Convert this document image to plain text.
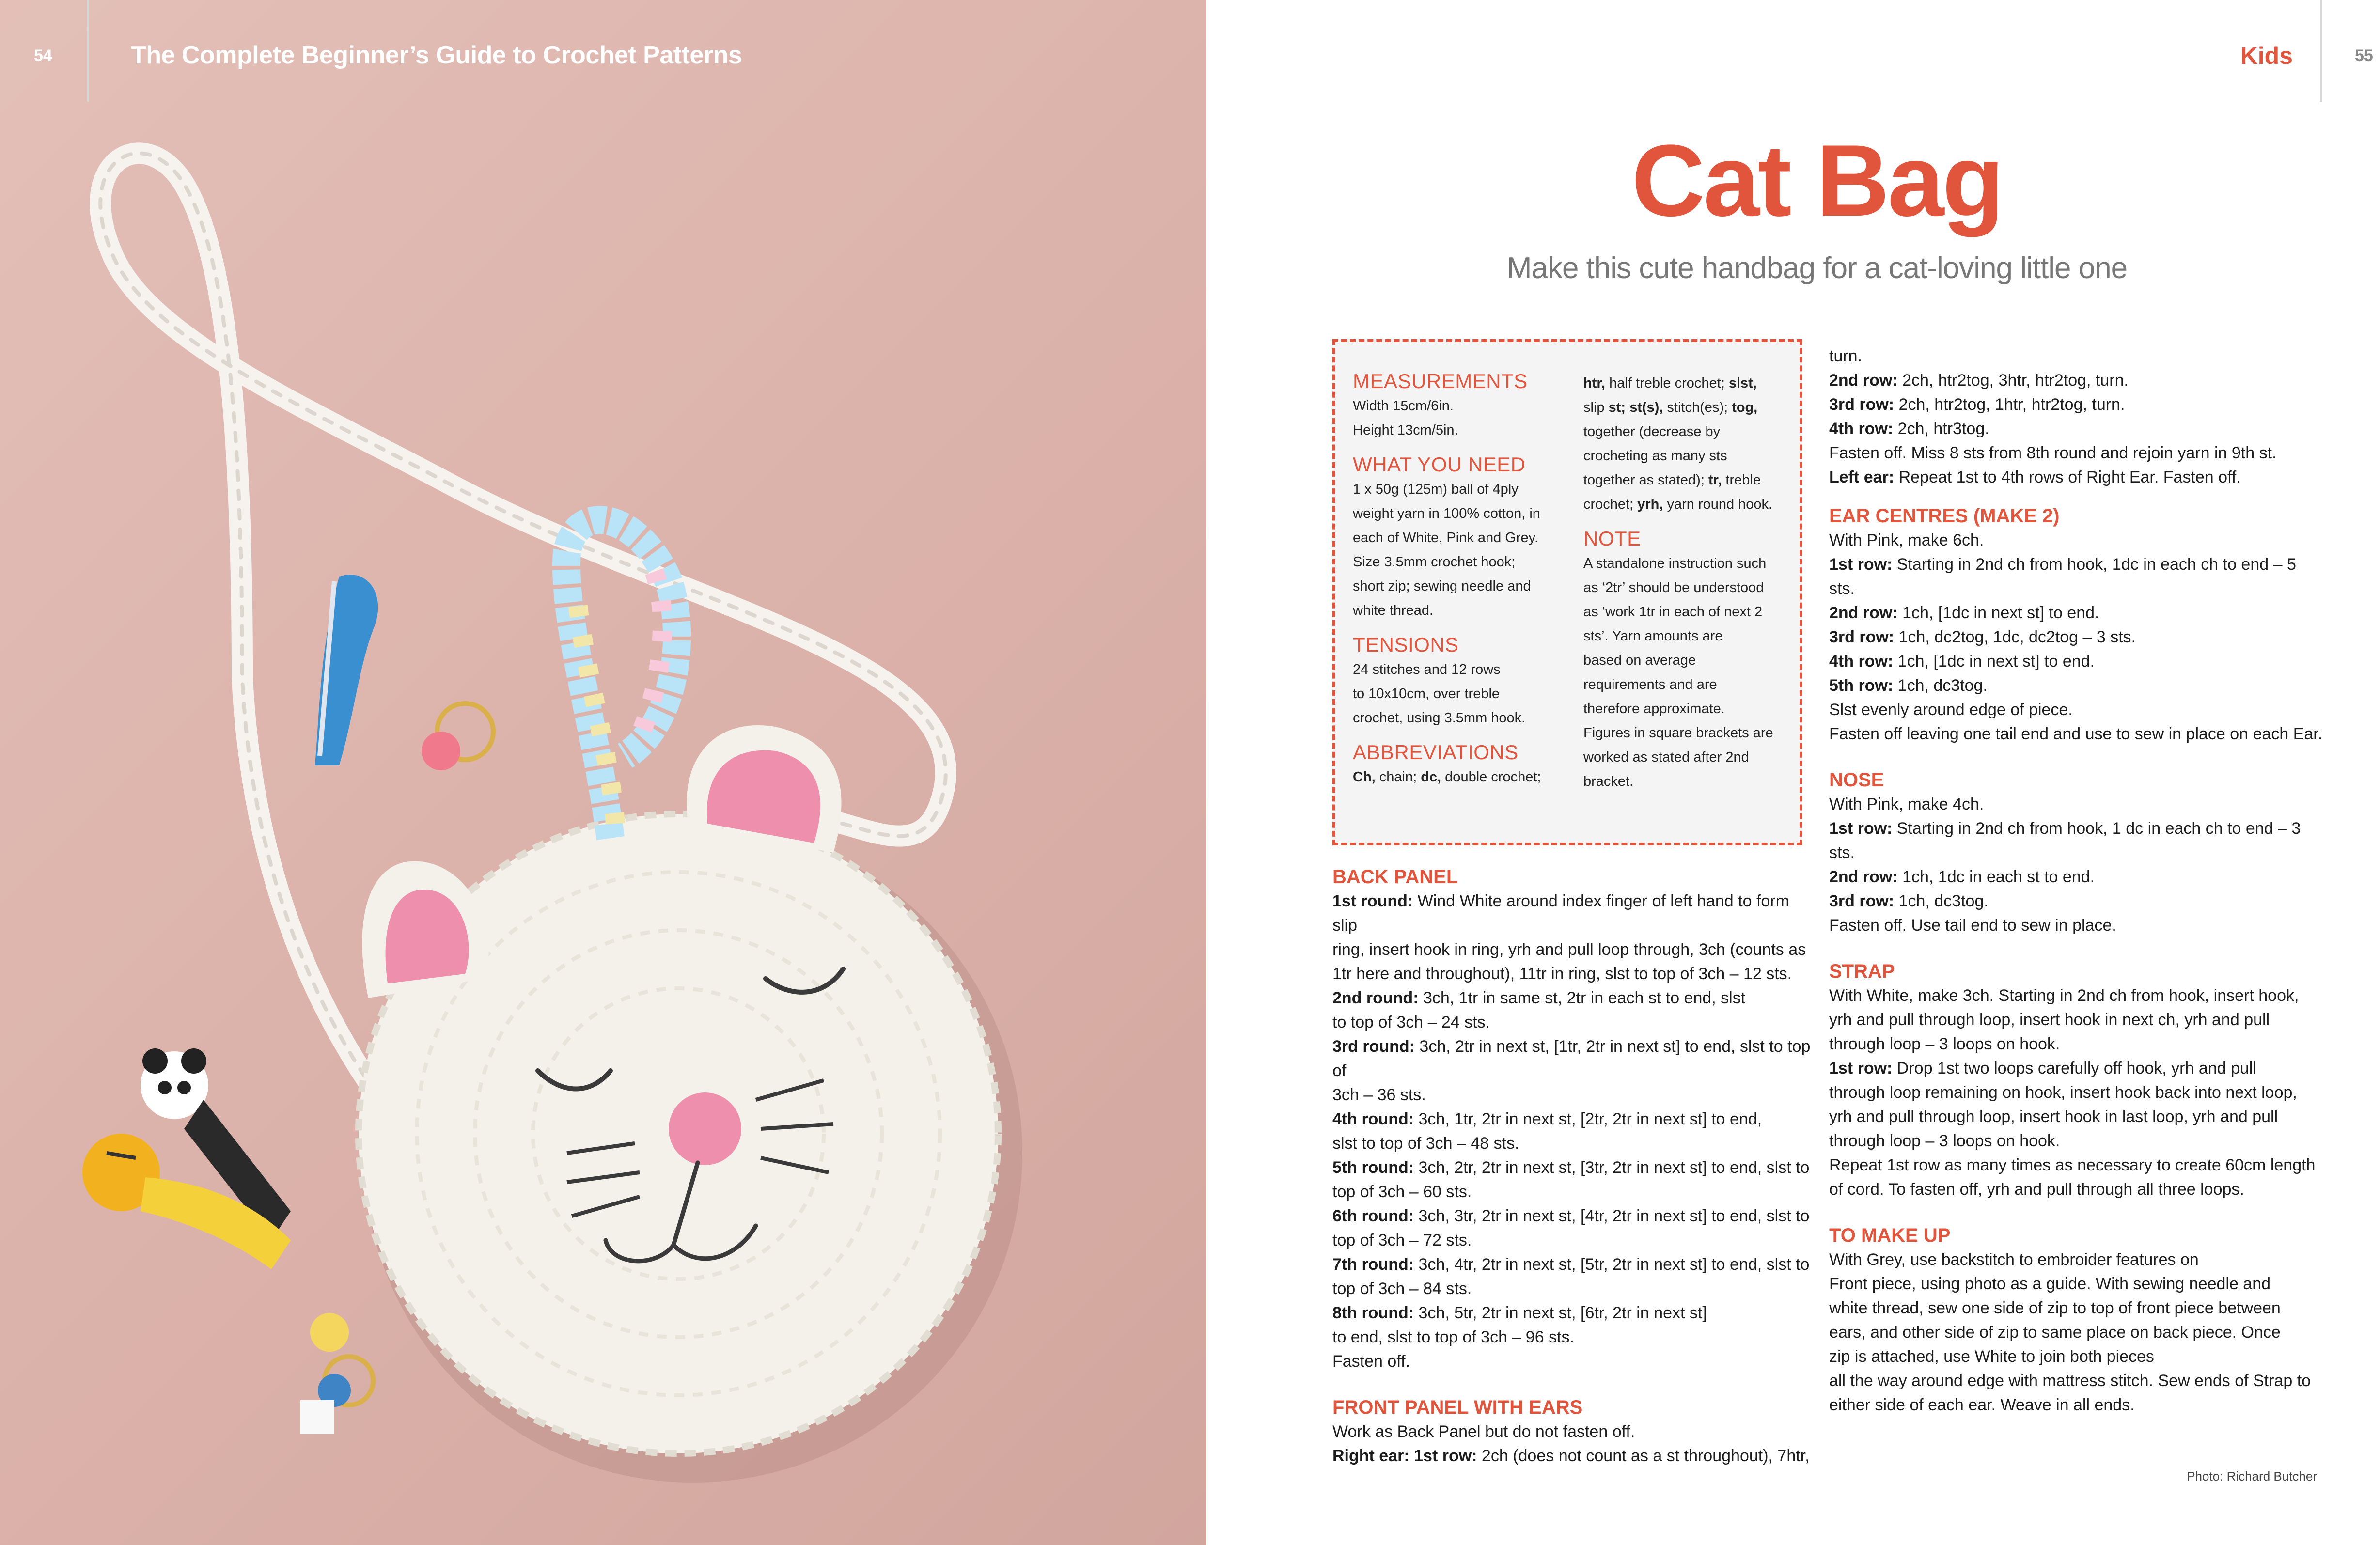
54	The Complete Beginner’s Guide to Crochet Patterns	Kids	55
Cat Bag
Make this cute handbag for a cat-loving little one
MEASUREMENTS
Width 15cm/6in.
Height 13cm/5in.
WHAT YOU NEED
1 x 50g (125m) ball of 4ply
weight yarn in 100% cotton, in
each of White, Pink and Grey.
Size 3.5mm crochet hook;
short zip; sewing needle and
white thread.
TENSIONS
24 stitches and 12 rows
to 10x10cm, over treble
crochet, using 3.5mm hook.
ABBREVIATIONS
Ch, chain; dc, double crochet;
htr, half treble crochet; slst,
slip st; st(s), stitch(es); tog,
together (decrease by
crocheting as many sts
together as stated); tr, treble
crochet; yrh, yarn round hook.
NOTE
A standalone instruction such
as ‘2tr’ should be understood
as ‘work 1tr in each of next 2
sts’. Yarn amounts are
based on average
requirements and are
therefore approximate.
Figures in square brackets are
worked as stated after 2nd
bracket.
BACK PANEL
1st round: Wind White around index finger of left hand to form slip
ring, insert hook in ring, yrh and pull loop through, 3ch (counts as
1tr here and throughout), 11tr in ring, slst to top of 3ch – 12 sts.
2nd round: 3ch, 1tr in same st, 2tr in each st to end, slst
to top of 3ch – 24 sts.
3rd round: 3ch, 2tr in next st, [1tr, 2tr in next st] to end, slst to top of
3ch – 36 sts.
4th round: 3ch, 1tr, 2tr in next st, [2tr, 2tr in next st] to end,
slst to top of 3ch – 48 sts.
5th round: 3ch, 2tr, 2tr in next st, [3tr, 2tr in next st] to end, slst to
top of 3ch – 60 sts.
6th round: 3ch, 3tr, 2tr in next st, [4tr, 2tr in next st] to end, slst to
top of 3ch – 72 sts.
7th round: 3ch, 4tr, 2tr in next st, [5tr, 2tr in next st] to end, slst to
top of 3ch – 84 sts.
8th round: 3ch, 5tr, 2tr in next st, [6tr, 2tr in next st]
to end, slst to top of 3ch – 96 sts.
Fasten off.
FRONT PANEL WITH EARS
Work as Back Panel but do not fasten off.
Right ear: 1st row: 2ch (does not count as a st throughout), 7htr,
turn.
2nd row: 2ch, htr2tog, 3htr, htr2tog, turn.
3rd row: 2ch, htr2tog, 1htr, htr2tog, turn.
4th row: 2ch, htr3tog.
Fasten off. Miss 8 sts from 8th round and rejoin yarn in 9th st.
Left ear: Repeat 1st to 4th rows of Right Ear. Fasten off.
EAR CENTRES (MAKE 2)
With Pink, make 6ch.
1st row: Starting in 2nd ch from hook, 1dc in each ch to end – 5
sts.
2nd row: 1ch, [1dc in next st] to end.
3rd row: 1ch, dc2tog, 1dc, dc2tog – 3 sts.
4th row: 1ch, [1dc in next st] to end.
5th row: 1ch, dc3tog.
Slst evenly around edge of piece.
Fasten off leaving one tail end and use to sew in place on each Ear.
NOSE
With Pink, make 4ch.
1st row: Starting in 2nd ch from hook, 1 dc in each ch to end – 3
sts.
2nd row: 1ch, 1dc in each st to end.
3rd row: 1ch, dc3tog.
Fasten off. Use tail end to sew in place.
STRAP
With White, make 3ch. Starting in 2nd ch from hook, insert hook,
yrh and pull through loop, insert hook in next ch, yrh and pull
through loop – 3 loops on hook.
1st row: Drop 1st two loops carefully off hook, yrh and pull
through loop remaining on hook, insert hook back into next loop,
yrh and pull through loop, insert hook in last loop, yrh and pull
through loop – 3 loops on hook.
Repeat 1st row as many times as necessary to create 60cm length
of cord. To fasten off, yrh and pull through all three loops.
TO MAKE UP
With Grey, use backstitch to embroider features on
Front piece, using photo as a guide. With sewing needle and
white thread, sew one side of zip to top of front piece between
ears, and other side of zip to same place on back piece. Once
zip is attached, use White to join both pieces
all the way around edge with mattress stitch. Sew ends of Strap to
either side of each ear. Weave in all ends.
Photo: Richard Butcher
